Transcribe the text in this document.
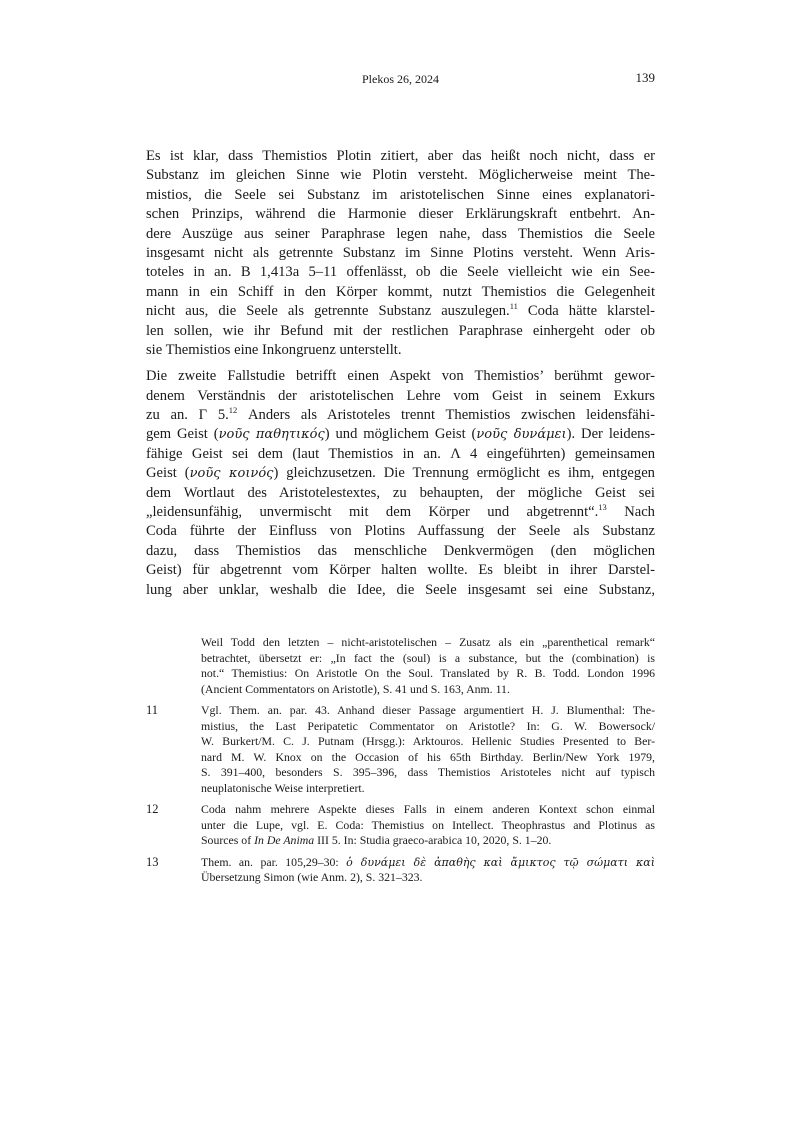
Plekos 26, 2024	139
Es ist klar, dass Themistios Plotin zitiert, aber das heißt noch nicht, dass er
Substanz im gleichen Sinne wie Plotin versteht. Möglicherweise meint The-
mistios, die Seele sei Substanz im aristotelischen Sinne eines explanatori-
schen Prinzips, während die Harmonie dieser Erklärungskraft entbehrt. An-
dere Auszüge aus seiner Paraphrase legen nahe, dass Themistios die Seele
insgesamt nicht als getrennte Substanz im Sinne Plotins versteht. Wenn Aris-
toteles in an. Β 1,413a 5–11 offenlässt, ob die Seele vielleicht wie ein See-
mann in ein Schiff in den Körper kommt, nutzt Themistios die Gelegenheit
nicht aus, die Seele als getrennte Substanz auszulegen.$^{11}$ Coda hätte klarstel-
len sollen, wie ihr Befund mit der restlichen Paraphrase einhergeht oder ob
sie Themistios eine Inkongruenz unterstellt.
Die zweite Fallstudie betrifft einen Aspekt von Themistios’ berühmt gewor-
denem Verständnis der aristotelischen Lehre vom Geist in seinem Exkurs
zu an. Γ 5.12 Anders als Aristoteles trennt Themistios zwischen leidensfähi-
gem Geist (νοῦς παθητικός) und möglichem Geist (νοῦς δυνάμει). Der leidens-
fähige Geist sei dem (laut Themistios in an. Λ 4 eingeführten) gemeinsamen
Geist (νοῦς κοινός) gleichzusetzen. Die Trennung ermöglicht es ihm, entgegen
dem Wortlaut des Aristotelestextes, zu behaupten, der mögliche Geist sei
„leidensunfähig, unvermischt mit dem Körper und abgetrennt“.$^{13}$ Nach
Coda führte der Einfluss von Plotins Auffassung der Seele als Substanz
dazu, dass Themistios das menschliche Denkvermögen (den möglichen
Geist) für abgetrennt vom Körper halten wollte. Es bleibt in ihrer Darstel-
lung aber unklar, weshalb die Idee, die Seele insgesamt sei eine Substanz,
Weil Todd den letzten – nicht-aristotelischen – Zusatz als ein „parenthetical remark“
betrachtet, übersetzt er: „In fact the (soul) is a substance, but the (combination) is
not.“ Themistius: On Aristotle On the Soul. Translated by R. B. Todd. London 1996
(Ancient Commentators on Aristotle), S. 41 und S. 163, Anm. 11.
11	Vgl. Them. an. par. 43. Anhand dieser Passage argumentiert H. J. Blumenthal: The-
mistius, the Last Peripatetic Commentator on Aristotle? In: G. W. Bowersock/
W. Burkert/M. C. J. Putnam (Hrsgg.): Arktouros. Hellenic Studies Presented to Ber-
nard M. W. Knox on the Occasion of his 65th Birthday. Berlin/New York 1979,
S. 391–400, besonders S. 395–396, dass Themistios Aristoteles nicht auf typisch
neuplatonische Weise interpretiert.
12	Coda nahm mehrere Aspekte dieses Falls in einem anderen Kontext schon einmal
unter die Lupe, vgl. E. Coda: Themistius on Intellect. Theophrastus and Plotinus as
Sources of In De Anima III 5. In: Studia graeco-arabica 10, 2020, S. 1–20.
13	Them. an. par. 105,29–30: ὁ δυνάμει δὲ ἀπαθὴς καὶ ἄμικτος τῷ σώματι καὶ
Übersetzung Simon (wie Anm. 2), S. 321–323.
